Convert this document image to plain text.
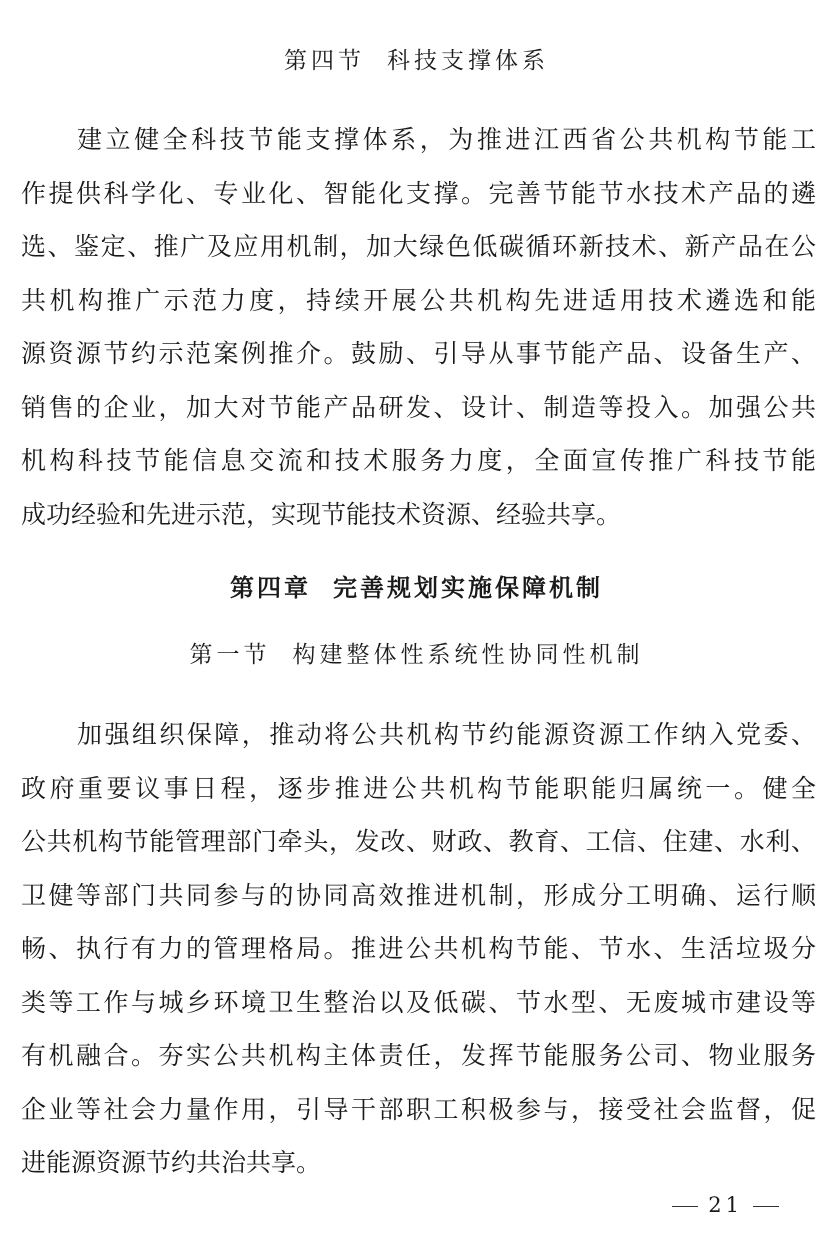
第四节 科技支撑体系
建立健全科技节能支撑体系，为推进江西省公共机构节能工
作提供科学化、专业化、智能化支撑。完善节能节水技术产品的遴
选、鉴定、推广及应用机制，加大绿色低碳循环新技术、新产品在公
共机构推广示范力度，持续开展公共机构先进适用技术遴选和能
源资源节约示范案例推介。鼓励、引导从事节能产品、设备生产、
销售的企业，加大对节能产品研发、设计、制造等投入。加强公共
机构科技节能信息交流和技术服务力度，全面宣传推广科技节能
成功经验和先进示范，实现节能技术资源、经验共享。
第四章 完善规划实施保障机制
第一节 构建整体性系统性协同性机制
加强组织保障，推动将公共机构节约能源资源工作纳入党委、
政府重要议事日程，逐步推进公共机构节能职能归属统一。健全
公共机构节能管理部门牵头，发改、财政、教育、工信、住建、水利、
卫健等部门共同参与的协同高效推进机制，形成分工明确、运行顺
畅、执行有力的管理格局。推进公共机构节能、节水、生活垃圾分
类等工作与城乡环境卫生整治以及低碳、节水型、无废城市建设等
有机融合。夯实公共机构主体责任，发挥节能服务公司、物业服务
企业等社会力量作用，引导干部职工积极参与，接受社会监督，促
进能源资源节约共治共享。
21
